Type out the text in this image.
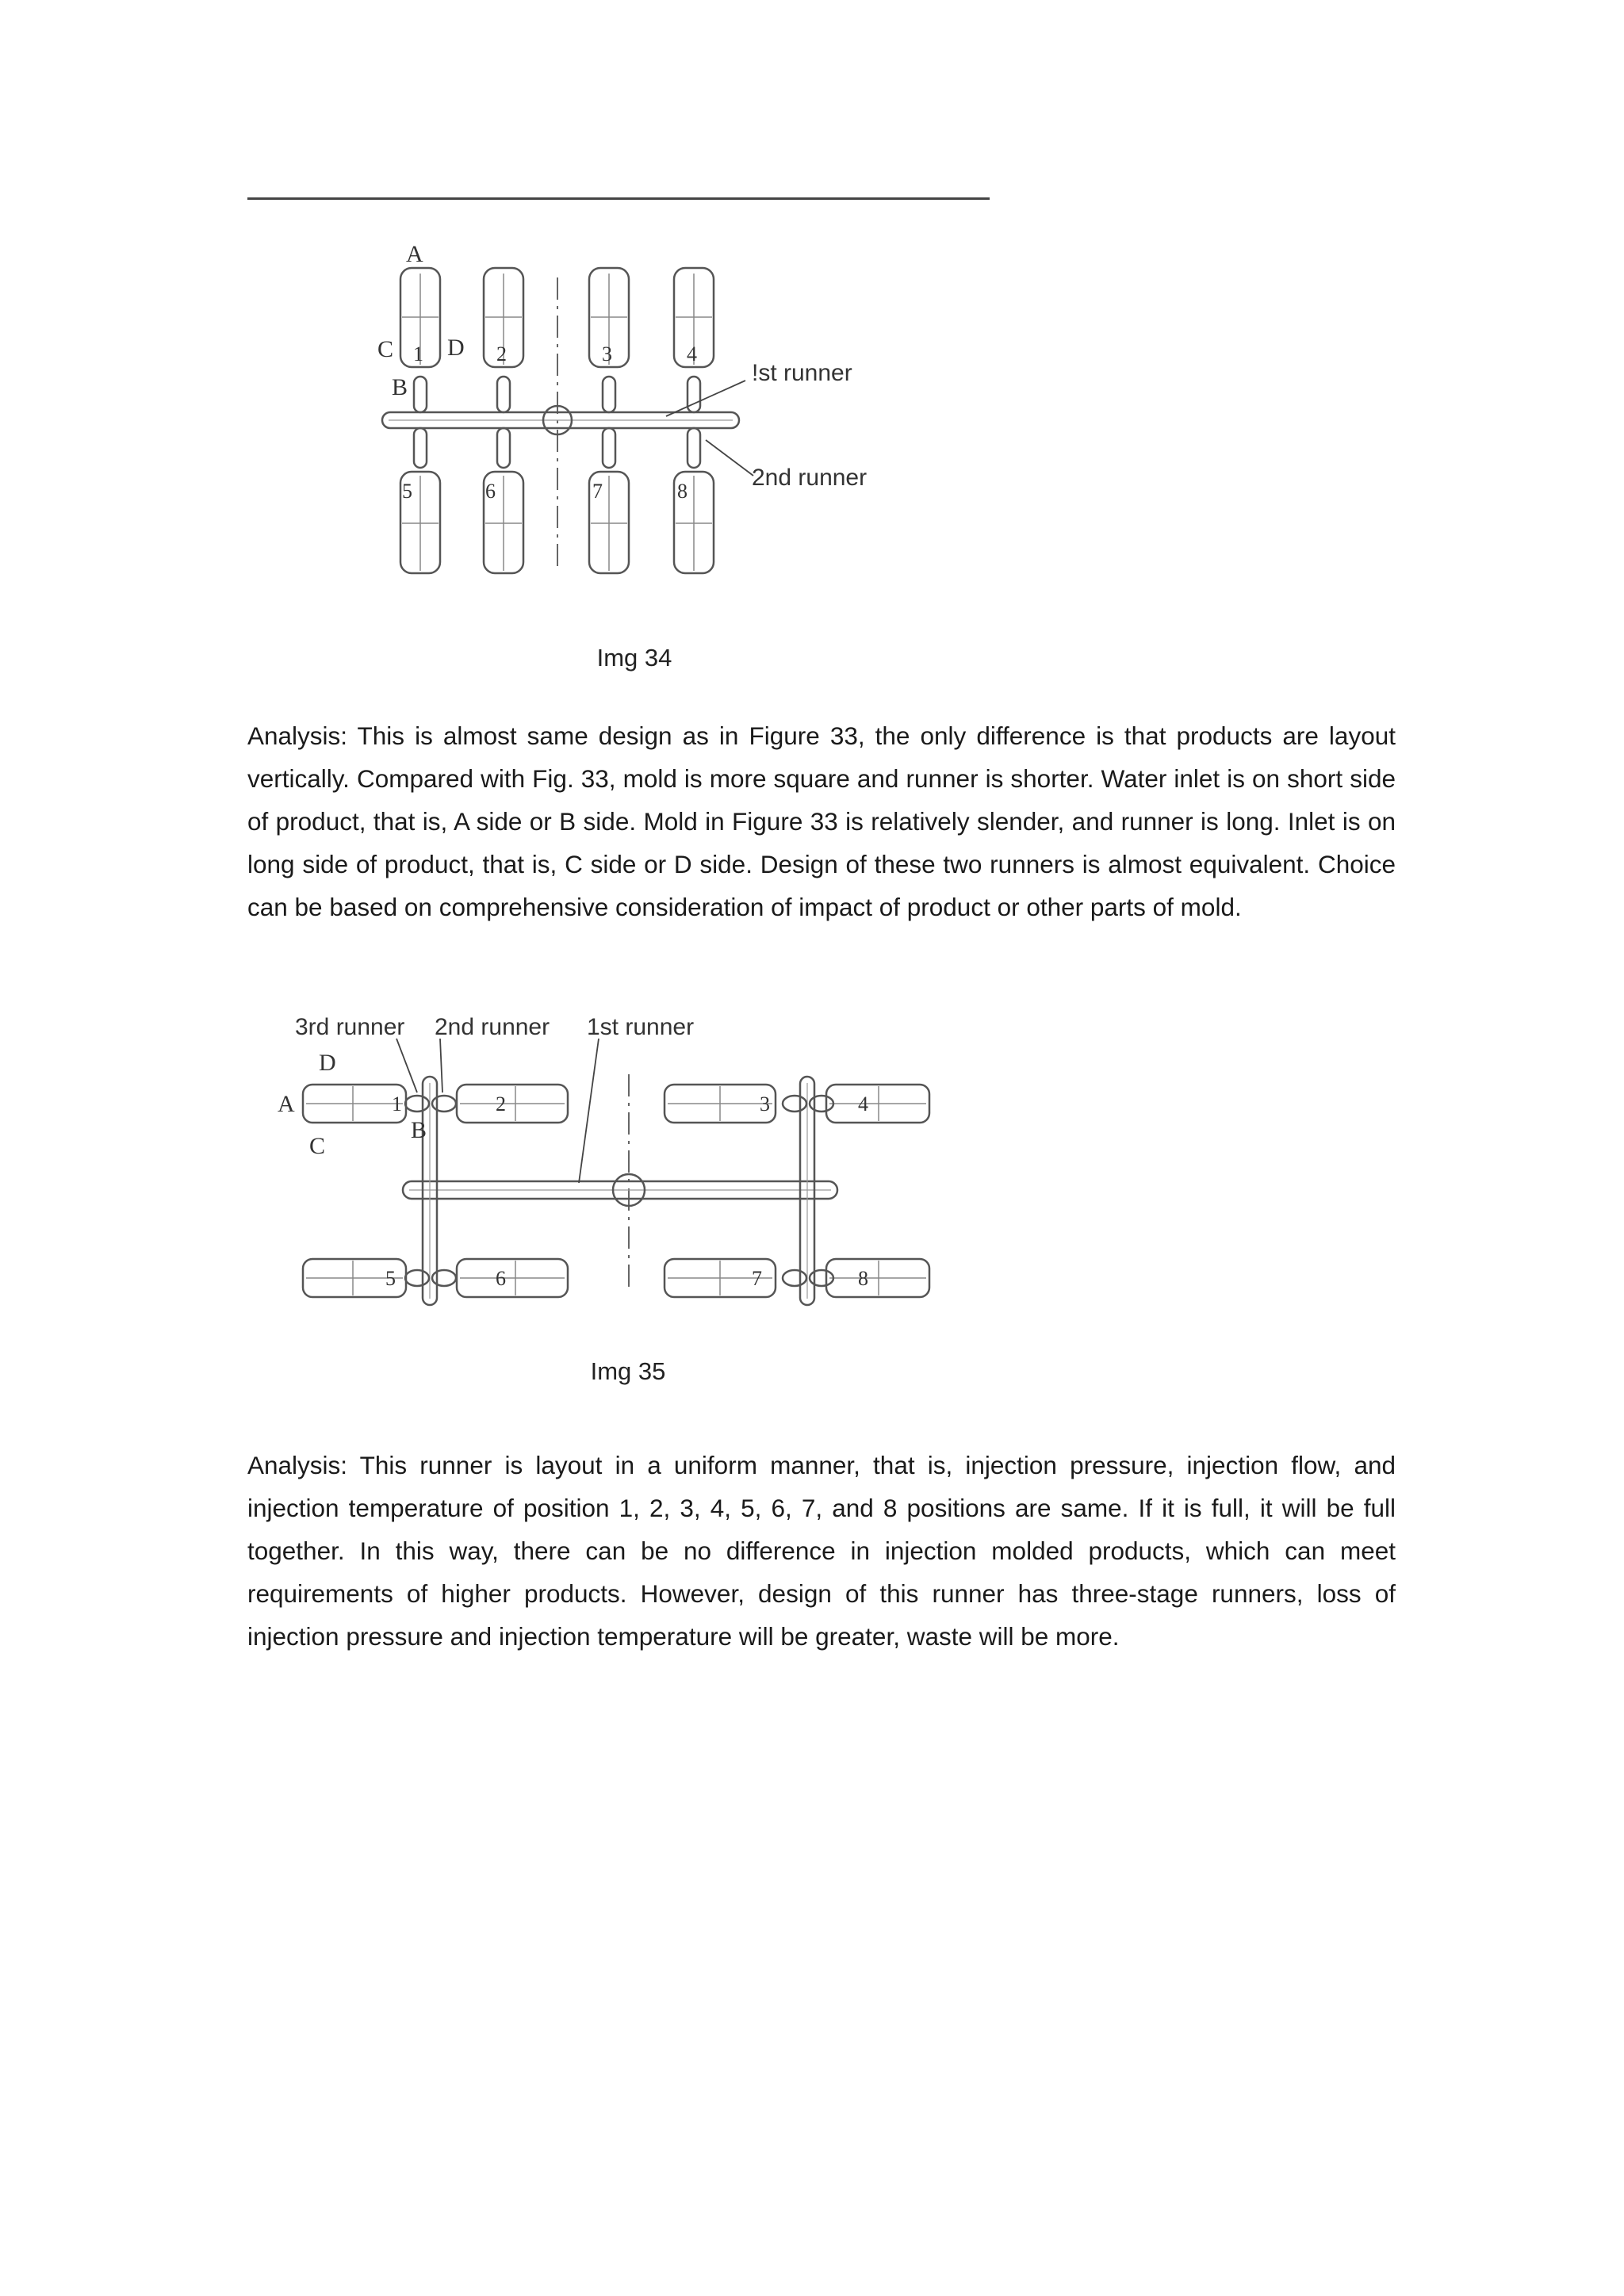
A
C D
B
1	2	3	4
5	6	7	8
!st runner
2nd runner
Img 34

Analysis: This is almost same design as in Figure 33, the only difference is that products are layout vertically. Compared with Fig. 33, mold is more square and runner is shorter. Water inlet is on short side of product, that is, A side or B side. Mold in Figure 33 is relatively slender, and runner is long. Inlet is on long side of product, that is, C side or D side. Design of these two runners is almost equivalent. Choice can be based on comprehensive consideration of impact of product or other parts of mold.

3rd runner 2nd runner 1st runner
D
A
B
C
1	2	3	4
5	6	7	8
Img 35

Analysis: This runner is layout in a uniform manner, that is, injection pressure, injection flow, and injection temperature of position 1, 2, 3, 4, 5, 6, 7, and 8 positions are same. If it is full, it will be full together. In this way, there can be no difference in injection molded products, which can meet requirements of higher products. However, design of this runner has three-stage runners, loss of injection pressure and injection temperature will be greater, waste will be more.
